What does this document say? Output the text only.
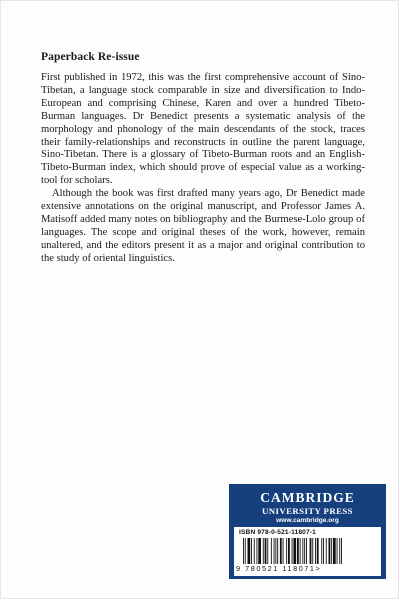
Paperback Re-issue

First published in 1972, this was the first comprehensive account of Sino-Tibetan, a language stock comparable in size and diversification to Indo-European and comprising Chinese, Karen and over a hundred Tibeto-Burman languages. Dr Benedict presents a systematic analysis of the morphology and phonology of the main descendants of the stock, traces their family-relationships and reconstructs in outline the parent language, Sino-Tibetan. There is a glossary of Tibeto-Burman roots and an English-Tibeto-Burman index, which should prove of especial value as a working-tool for scholars.

Although the book was first drafted many years ago, Dr Benedict made extensive annotations on the original manuscript, and Professor James A. Matisoff added many notes on bibliography and the Burmese-Lolo group of languages. The scope and original theses of the work, however, remain unaltered, and the editors present it as a major and original contribution to the study of oriental linguistics.

CAMBRIDGE
UNIVERSITY PRESS
www.cambridge.org
ISBN 978-0-521-11807-1
9 780521 118071>
